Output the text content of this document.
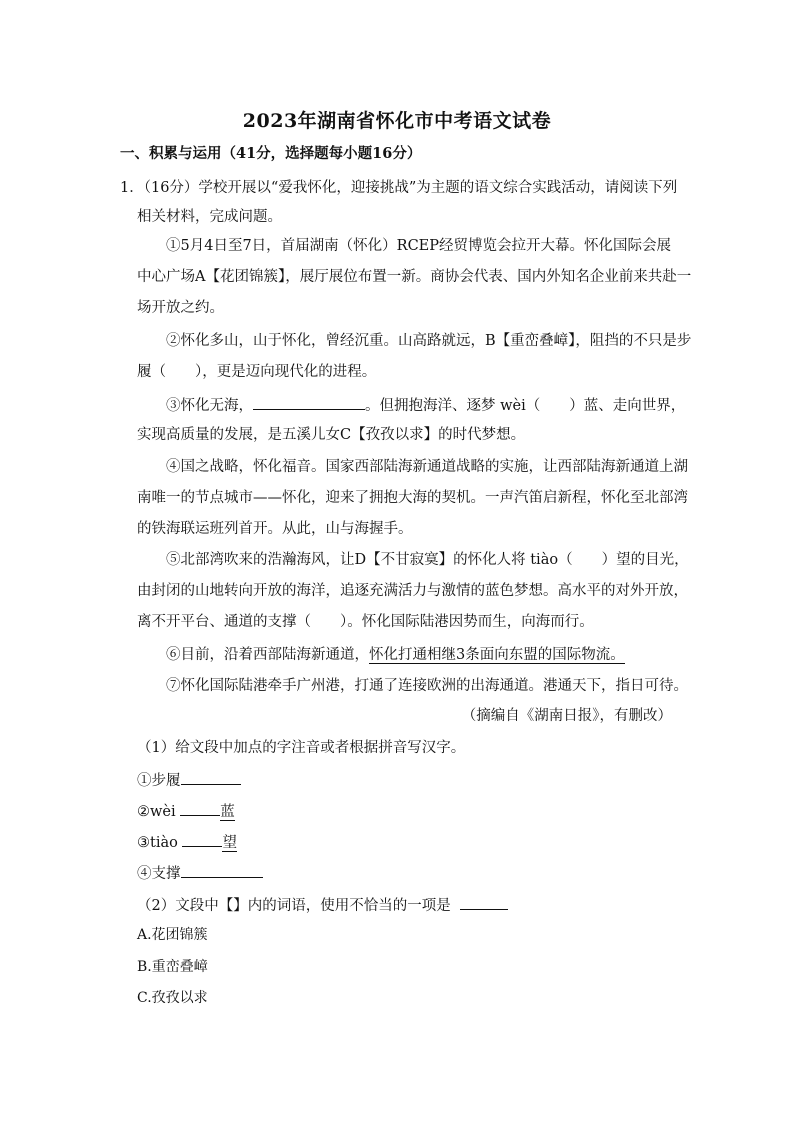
2023年湖南省怀化市中考语文试卷
一、积累与运用（41分，选择题每小题16分）
1．（16分）学校开展以“爱我怀化，迎接挑战”为主题的语文综合实践活动，请阅读下列
相关材料，完成问题。
①5月4日至7日，首届湖南（怀化）RCEP经贸博览会拉开大幕。怀化国际会展
中心广场A【花团锦簇】，展厅展位布置一新。商协会代表、国内外知名企业前来共赴一
场开放之约。
②怀化多山，山于怀化，曾经沉重。山高路就远，B【重峦叠嶂】，阻挡的不只是步
履（　　），更是迈向现代化的进程。
③怀化无海，	。但拥抱海洋、逐梦 wèi（　　）蓝、走向世界，
实现高质量的发展，是五溪儿女C【孜孜以求】的时代梦想。
④国之战略，怀化福音。国家西部陆海新通道战略的实施，让西部陆海新通道上湖
南唯一的节点城市——怀化，迎来了拥抱大海的契机。一声汽笛启新程，怀化至北部湾
的铁海联运班列首开。从此，山与海握手。
⑤北部湾吹来的浩瀚海风，让D【不甘寂寞】的怀化人将 tiào（　　）望的目光，
由封闭的山地转向开放的海洋，追逐充满活力与激情的蓝色梦想。高水平的对外开放，
离不开平台、通道的支撑（　　）。怀化国际陆港因势而生，向海而行。
⑥目前，沿着西部陆海新通道，怀化打通相继3条面向东盟的国际物流。
⑦怀化国际陆港牵手广州港，打通了连接欧洲的出海通道。港通天下，指日可待。
（摘编自《湖南日报》，有删改）
（1）给文段中加点的字注音或者根据拼音写汉字。
①步履
②wèi	蓝
③tiào	望
④支撑
（2）文段中【】内的词语，使用不恰当的一项是
A.花团锦簇
B.重峦叠嶂
C.孜孜以求
